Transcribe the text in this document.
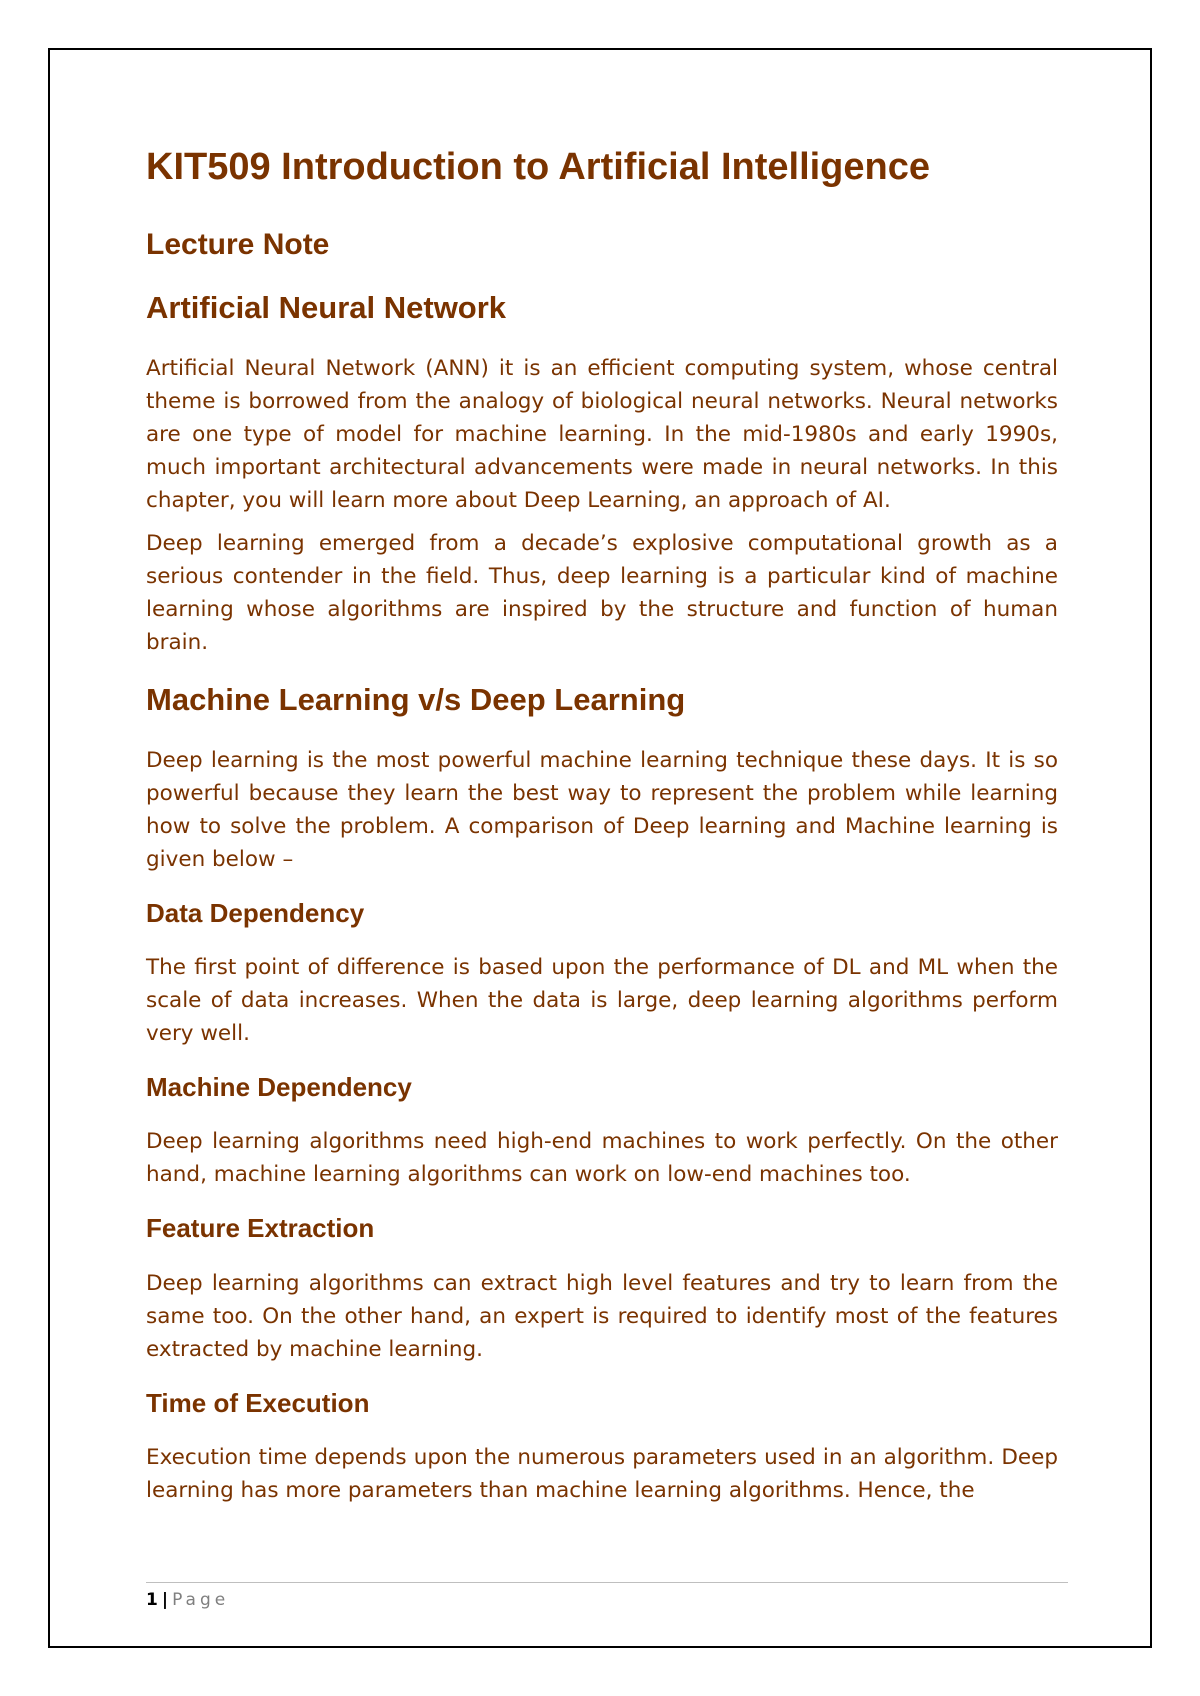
KIT509 Introduction to Artificial Intelligence
Lecture Note
Artificial Neural Network

Artificial Neural Network (ANN) it is an efficient computing system, whose central theme is borrowed from the analogy of biological neural networks. Neural networks are one type of model for machine learning. In the mid-1980s and early 1990s, much important architectural advancements were made in neural networks. In this chapter, you will learn more about Deep Learning, an approach of AI.

Deep learning emerged from a decade’s explosive computational growth as a serious contender in the field. Thus, deep learning is a particular kind of machine learning whose algorithms are inspired by the structure and function of human brain.

Machine Learning v/s Deep Learning

Deep learning is the most powerful machine learning technique these days. It is so powerful because they learn the best way to represent the problem while learning how to solve the problem. A comparison of Deep learning and Machine learning is given below –

Data Dependency

The first point of difference is based upon the performance of DL and ML when the scale of data increases. When the data is large, deep learning algorithms perform very well.

Machine Dependency

Deep learning algorithms need high-end machines to work perfectly. On the other hand, machine learning algorithms can work on low-end machines too.

Feature Extraction

Deep learning algorithms can extract high level features and try to learn from the same too. On the other hand, an expert is required to identify most of the features extracted by machine learning.

Time of Execution

Execution time depends upon the numerous parameters used in an algorithm. Deep learning has more parameters than machine learning algorithms. Hence, the

1 | Page
